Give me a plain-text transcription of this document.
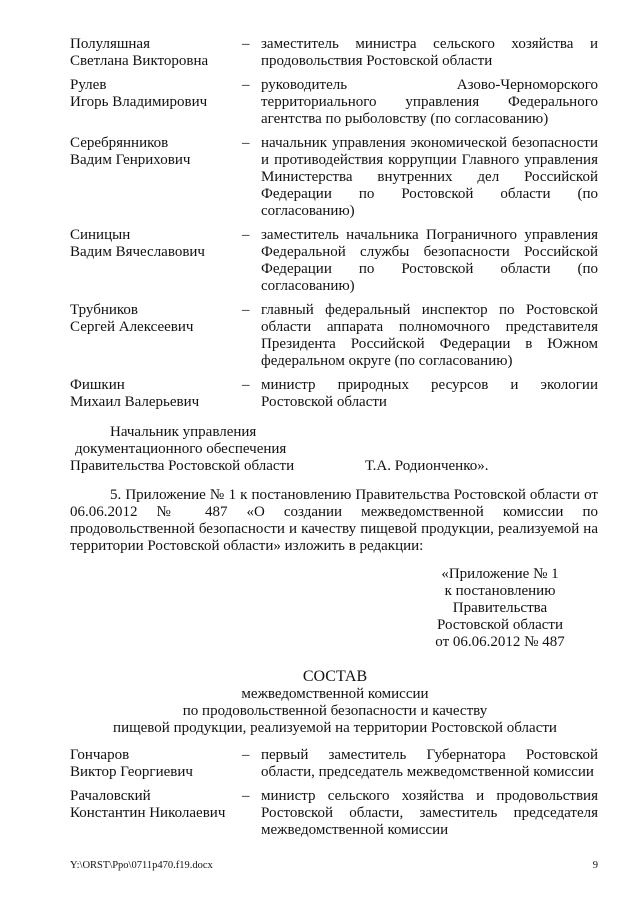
Полуляшная
Светлана Викторовна
– заместитель министра сельского хозяйства и продовольствия Ростовской области
Рулев
Игорь Владимирович
– руководитель Азово-Черноморского территориального управления Федерального агентства по рыболовству (по согласованию)
Серебрянников
Вадим Генрихович
– начальник управления экономической безопасности и противодействия коррупции Главного управления Министерства внутренних дел Российской Федерации по Ростовской области (по согласованию)
Синицын
Вадим Вячеславович
– заместитель начальника Пограничного управления Федеральной службы безопасности Российской Федерации по Ростовской области (по согласованию)
Трубников
Сергей Алексеевич
– главный федеральный инспектор по Ростовской области аппарата полномочного представителя Президента Российской Федерации в Южном федеральном округе (по согласованию)
Фишкин
Михаил Валерьевич
– министр природных ресурсов и экологии Ростовской области
Начальник управления
документационного обеспечения
Правительства Ростовской области	Т.А. Родионченко».

5. Приложение № 1 к постановлению Правительства Ростовской области от 06.06.2012 № 487 «О создании межведомственной комиссии по продовольственной безопасности и качеству пищевой продукции, реализуемой на территории Ростовской области» изложить в редакции:

«Приложение № 1
к постановлению
Правительства
Ростовской области
от 06.06.2012 № 487
СОСТАВ
межведомственной комиссии
по продовольственной безопасности и качеству
пищевой продукции, реализуемой на территории Ростовской области
Гончаров
Виктор Георгиевич
– первый заместитель Губернатора Ростовской области, председатель межведомственной комиссии
Рачаловский
Константин Николаевич
– министр сельского хозяйства и продовольствия Ростовской области, заместитель председателя межведомственной комиссии
Y:\ORST\Ppo\0711p470.f19.docx	9
